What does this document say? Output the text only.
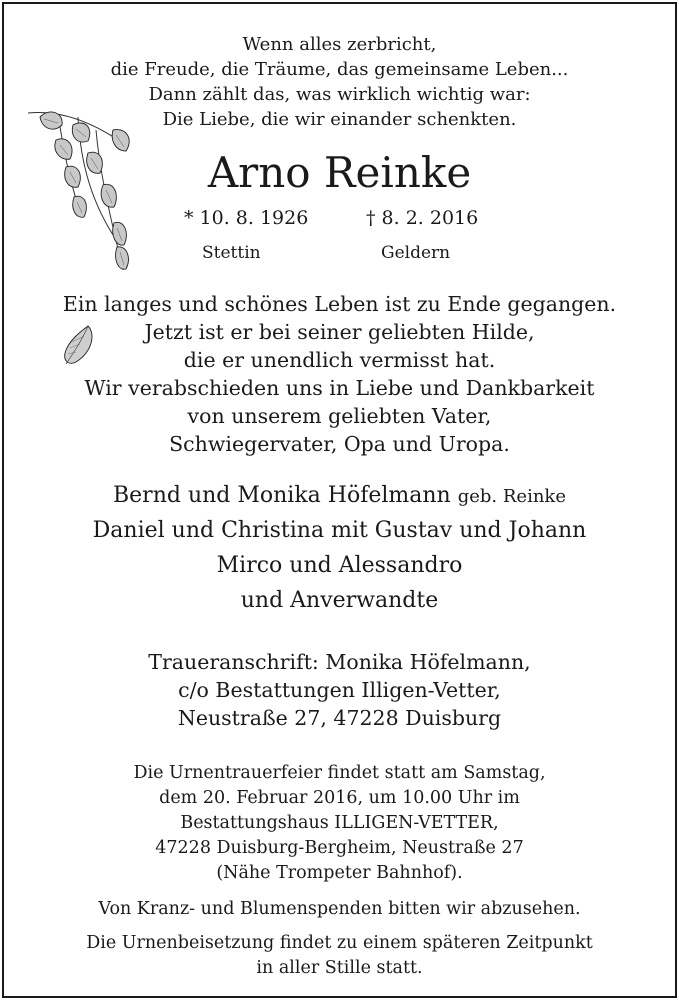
Wenn alles zerbricht,
die Freude, die Träume, das gemeinsame Leben...
Dann zählt das, was wirklich wichtig war:
Die Liebe, die wir einander schenkten.
Arno Reinke
* 10. 8. 1926	† 8. 2. 2016
Stettin	Geldern
Ein langes und schönes Leben ist zu Ende gegangen.
Jetzt ist er bei seiner geliebten Hilde,
die er unendlich vermisst hat.
Wir verabschieden uns in Liebe und Dankbarkeit
von unserem geliebten Vater,
Schwiegervater, Opa und Uropa.
Bernd und Monika Höfelmann geb. Reinke
Daniel und Christina mit Gustav und Johann
Mirco und Alessandro
und Anverwandte
Traueranschrift: Monika Höfelmann,
c/o Bestattungen Illigen-Vetter,
Neustraße 27, 47228 Duisburg
Die Urnentrauerfeier findet statt am Samstag,
dem 20. Februar 2016, um 10.00 Uhr im
Bestattungshaus ILLIGEN-VETTER,
47228 Duisburg-Bergheim, Neustraße 27
(Nähe Trompeter Bahnhof).
Von Kranz- und Blumenspenden bitten wir abzusehen.
Die Urnenbeisetzung findet zu einem späteren Zeitpunkt
in aller Stille statt.
